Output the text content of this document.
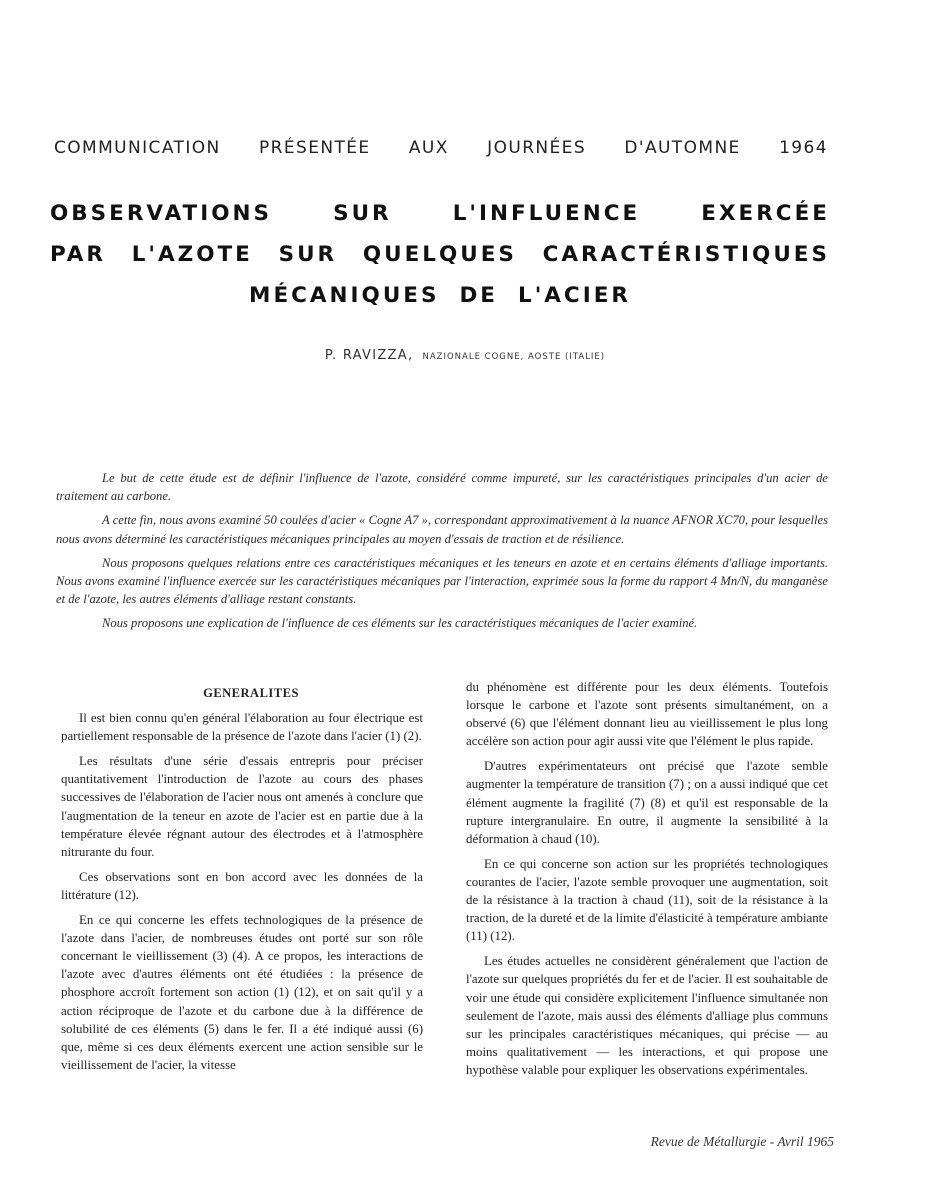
COMMUNICATION PRÉSENTÉE AUX JOURNÉES D'AUTOMNE 1964
OBSERVATIONS	SUR	L'INFLUENCE	EXERCÉE
PAR L'AZOTE SUR QUELQUES CARACTÉRISTIQUES
MÉCANIQUES DE L'ACIER
P. RAVIZZA, NAZIONALE COGNE, AOSTE (ITALIE)

Le but de cette étude est de définir l'influence de l'azote, considéré comme impureté, sur les caractéristiques principales d'un acier de traitement au carbone.

A cette fin, nous avons examiné 50 coulées d'acier « Cogne A7 », correspondant approximativement à la nuance AFNOR XC70, pour lesquelles nous avons déterminé les caractéristiques mécaniques principales au moyen d'essais de traction et de résilience.

Nous proposons quelques relations entre ces caractéristiques mécaniques et les teneurs en azote et en certains éléments d'alliage importants. Nous avons examiné l'influence exercée sur les caractéristiques mécaniques par l'interaction, exprimée sous la forme du rapport 4 Mn/N, du manganèse et de l'azote, les autres éléments d'alliage restant constants.

Nous proposons une explication de l'influence de ces éléments sur les caractéristiques mécaniques de l'acier examiné.

GENERALITES

Il est bien connu qu'en général l'élaboration au four électrique est partiellement responsable de la présence de l'azote dans l'acier (1) (2).

Les résultats d'une série d'essais entrepris pour préciser quantitativement l'introduction de l'azote au cours des phases successives de l'élaboration de l'acier nous ont amenés à conclure que l'augmentation de la teneur en azote de l'acier est en partie due à la température élevée régnant autour des électrodes et à l'atmosphère nitrurante du four.

Ces observations sont en bon accord avec les données de la littérature (12).

En ce qui concerne les effets technologiques de la présence de l'azote dans l'acier, de nombreuses études ont porté sur son rôle concernant le vieillissement (3) (4). A ce propos, les interactions de l'azote avec d'autres éléments ont été étudiées : la présence de phosphore accroît fortement son action (1) (12), et on sait qu'il y a action réciproque de l'azote et du carbone due à la différence de solubilité de ces éléments (5) dans le fer. Il a été indiqué aussi (6) que, même si ces deux éléments exercent une action sensible sur le vieillissement de l'acier, la vitesse

du phénomène est différente pour les deux éléments. Toutefois lorsque le carbone et l'azote sont présents simultanément, on a observé (6) que l'élément donnant lieu au vieillissement le plus long accélère son action pour agir aussi vite que l'élément le plus rapide.

D'autres expérimentateurs ont précisé que l'azote semble augmenter la température de transition (7) ; on a aussi indiqué que cet élément augmente la fragilité (7) (8) et qu'il est responsable de la rupture intergranulaire. En outre, il augmente la sensibilité à la déformation à chaud (10).

En ce qui concerne son action sur les propriétés technologiques courantes de l'acier, l'azote semble provoquer une augmentation, soit de la résistance à la traction à chaud (11), soit de la résistance à la traction, de la dureté et de la limite d'élasticité à température ambiante (11) (12).

Les études actuelles ne considèrent généralement que l'action de l'azote sur quelques propriétés du fer et de l'acier. Il est souhaitable de voir une étude qui considère explicitement l'influence simultanée non seulement de l'azote, mais aussi des éléments d'alliage plus communs sur les principales caractéristiques mécaniques, qui précise — au moins qualitativement — les interactions, et qui propose une hypothèse valable pour expliquer les observations expérimentales.

Revue de Métallurgie - Avril 1965
